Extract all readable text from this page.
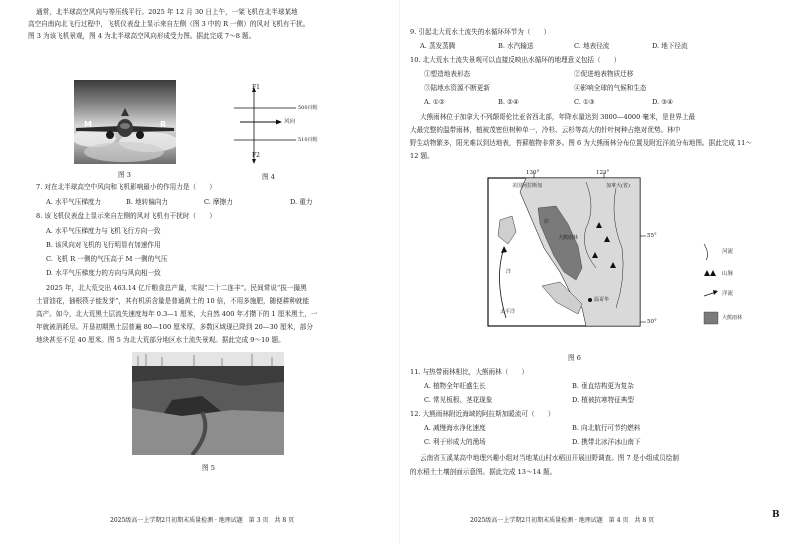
通常，北半球高空风向与等压线平行。2025 年 12 月 30 日上午，一架飞机在北半球某地
高空自南向北飞行过程中，飞机仪表盘上显示来自左侧（图 3 中的 R 一侧）的风对飞机有干扰。
图 3 为该飞机景观，图 4 为北半球高空风向形成受力图。据此完成 7～8 题。
M	R
图 3
F1
F2
风向
500百帕
510百帕
图 4
7. 对在北半球高空中风向和飞机影响最小的作用力是（　　）
A. 水平气压梯度力	B. 地转偏向力	C. 摩擦力	D. 重力
8. 该飞机仪表盘上显示来自左侧的风对飞机有干扰时（　　）
A. 水平气压梯度力与飞机飞行方向一致
B. 该风向对飞机的飞行明显有加速作用
C. 飞机 R 一侧的气压高于 M 一侧的气压
D. 水平气压梯度力的方向与风向相一致
2025 年，北大荒交出 463.14 亿斤粮食总产量，实现“二十二连丰”。民间常说“拔一撮黑
土冒油花，插根筷子能发芽”，其有机质含量是普通黄土的 10 倍，不用多施肥，随便耕种就能
高产。如今，北大荒黑土层流失速度每年 0.3—1 厘米，大自然 400 年才攒下的 1 厘米黑土，一
年就被消耗尽。开垦初期黑土层普遍 80—100 厘米厚，多数区域现已降到 20—30 厘米，部分
地块甚至不足 40 厘米。图 5 为北大荒部分地区水土流失景观。据此完成 9～10 题。
图 5
2025级高一上学期2月初期末质量检测 · 地理试题　第 3 页　共 8 页
9. 引起北大荒水土流失的水循环环节为（　　）
A. 蒸发蒸腾	B. 水汽输送	C. 地表径流	D. 地下径流
10. 北大荒水土流失景观可以直接反映出水循环的地理意义包括（　　）
①塑造地表形态	②促进地表物质迁移
③陆地水资源不断更新	④影响全球的气候和生态
A. ①②	B. ②④	C. ①③	D. ③④
大熊雨林位于加拿大不列颠哥伦比亚省西北部，年降水量达到 3000—4000 毫米，是世界上最
大最完整的温带雨林，植被茂密但树种单一，冷杉、云杉等高大的针叶树种占绝对优势。林中
野生动物繁多，阳光难以到达地表，苔藓植物非常多。图 6 为大熊雨林分布位置及附近洋流分布地图。据此完成 11～
12 题。
130°	123°
55°
50°
加拿大(省)
美国阿拉斯加
大熊雨林
温哥华
太平洋
岸
洋
河流
山脉
洋流
大熊雨林
图 6
11. 与热带雨林相比，大熊雨林（　　）
A. 植物全年旺盛生长	B. 垂直结构更为复杂
C. 常见板根、茎花现象	D. 植被抗寒特征典型
12. 大熊雨林附近海域的阿拉斯加暖流可（　　）
A. 减慢海水净化速度	B. 向北航行可节约燃料
C. 利于形成大的渔场	D. 携带北冰洋冰山南下
云南省玉溪某高中地理兴趣小组对当地某山村水稻田开展田野调查。图 7 是小组成员绘制
的水稻土土壤剖面示意图。据此完成 13～14 题。
2025级高一上学期2月初期末质量检测 · 地理试题　第 4 页　共 8 页
B
